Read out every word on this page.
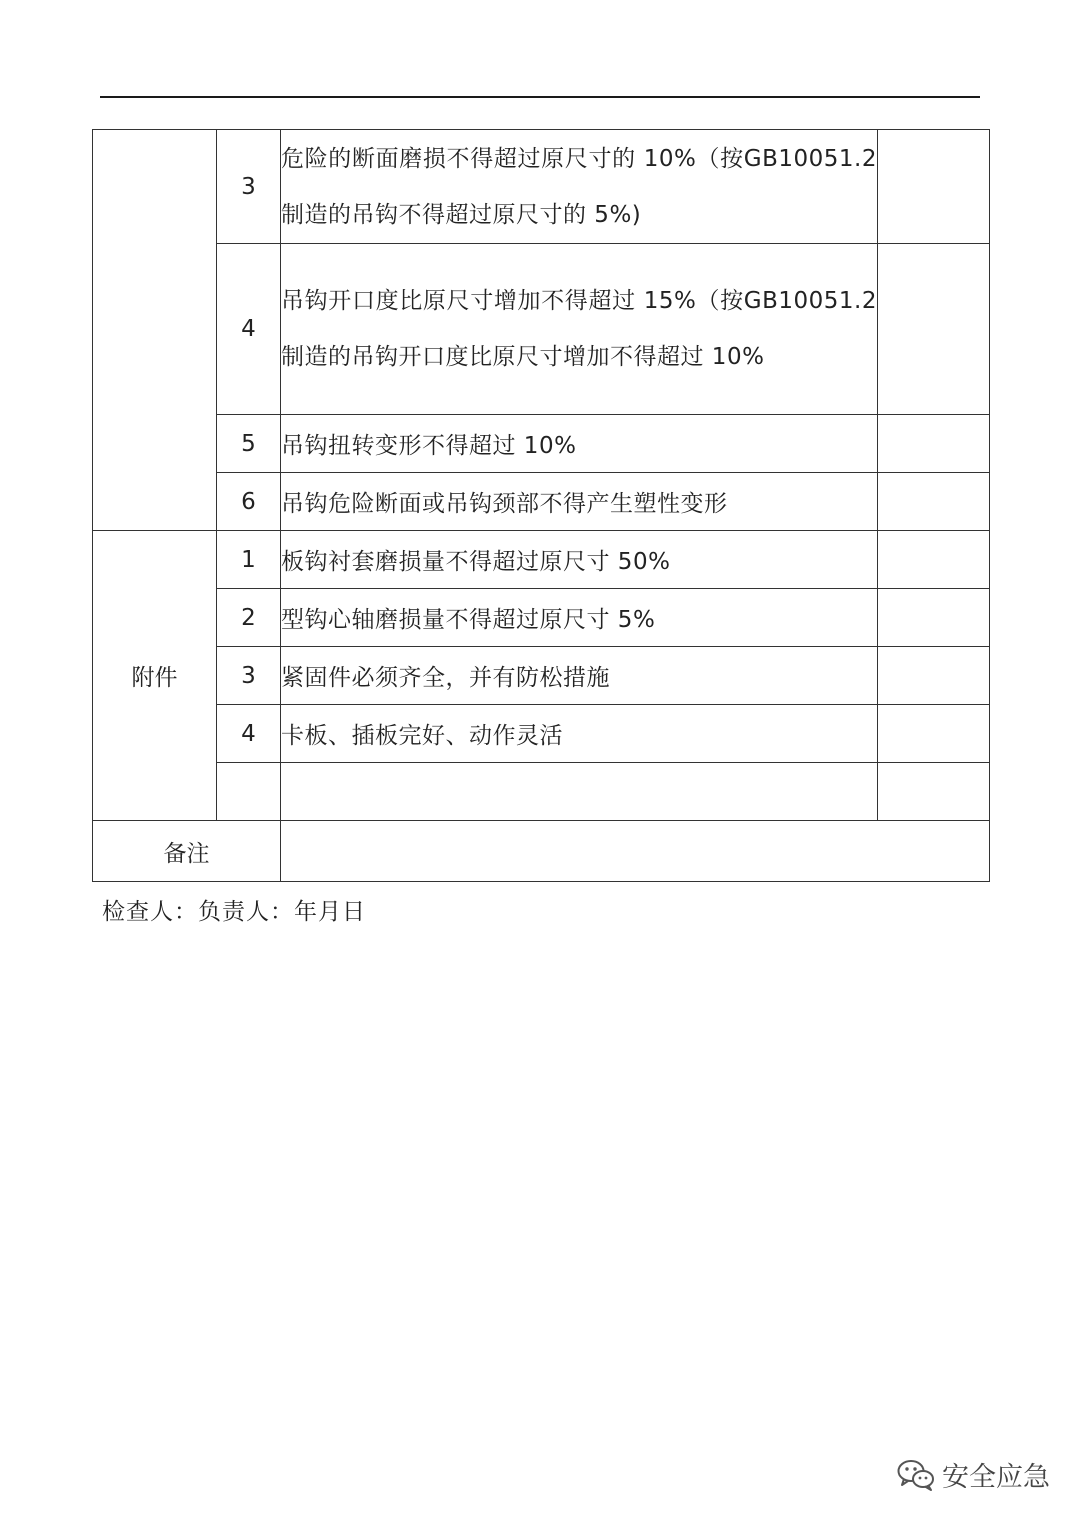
	3	危险的断面磨损不得超过原尺寸的 10%（按GB10051.2 制造的吊钩不得超过原尺寸的 5%)	
	4	吊钩开口度比原尺寸增加不得超过 15%（按GB10051.2 制造的吊钩开口度比原尺寸增加不得超过 10%	
	5	吊钩扭转变形不得超过 10%	
	6	吊钩危险断面或吊钩颈部不得产生塑性变形	
附件	1	板钩衬套磨损量不得超过原尺寸 50%	
	2	型钩心轴磨损量不得超过原尺寸 5%	
	3	紧固件必须齐全，并有防松措施	
	4	卡板、插板完好、动作灵活	

备注			
检查人：负责人：年月日
安全应急
